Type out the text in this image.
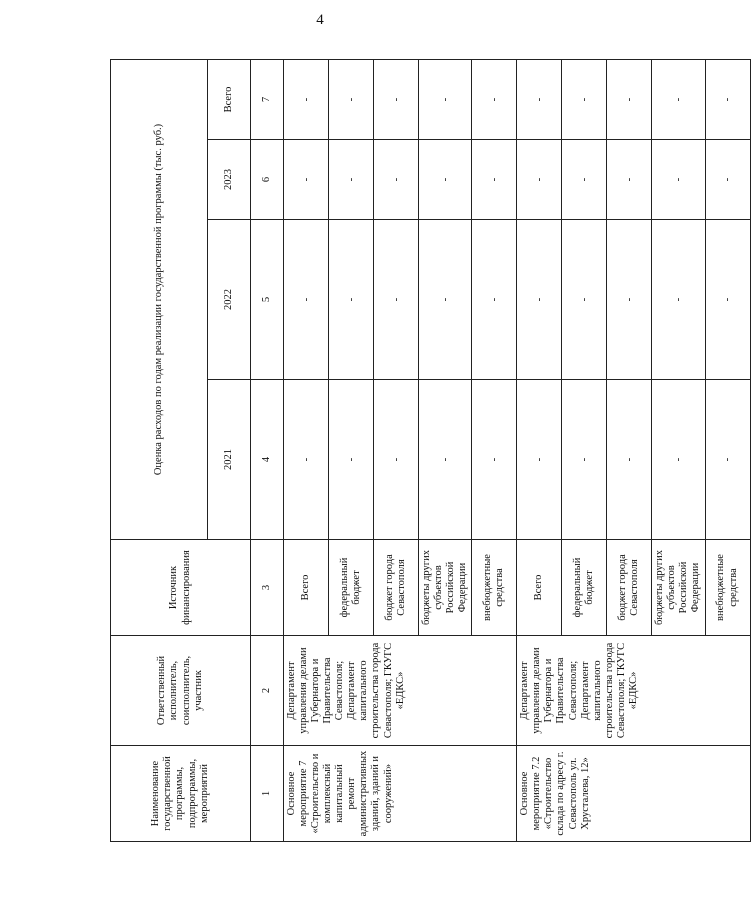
4
Наименование государственной программы, подпрограммы, мероприятий	Ответственный исполнитель, соисполнитель, участник	Источник финансирования	Оценка расходов по годам реализации государственной программы (тыс. руб.)			
			2021	2022	2023	Всего
1	2	3	4	5	6	7
Основное мероприятие 7 «Строительство и комплексный капитальный ремонт административных зданий, зданий и сооружений»	Департамент управления делами Губернатора и Правительства Севастополя; Департамент капитального строительства города Севастополя; ГКУГС «ЕДКС»	Всего	-	-	-	-
		федеральный бюджет	-	-	-	-
		бюджет города Севастополя	-	-	-	-
		бюджеты других субъектов Российской Федерации	-	-	-	-
		внебюджетные средства	-	-	-	-
Основное мероприятие 7.2 «Строительство склада по адресу г. Севастополь ул. Хрусталева, 12»	Департамент управления делами Губернатора и Правительства Севастополя; Департамент капитального строительства города Севастополя; ГКУГС «ЕДКС»	Всего	-	-	-	-
		федеральный бюджет	-	-	-	-
		бюджет города Севастополя	-	-	-	-
		бюджеты других субъектов Российской Федерации	-	-	-	-
		внебюджетные средства	-	-	-	-
